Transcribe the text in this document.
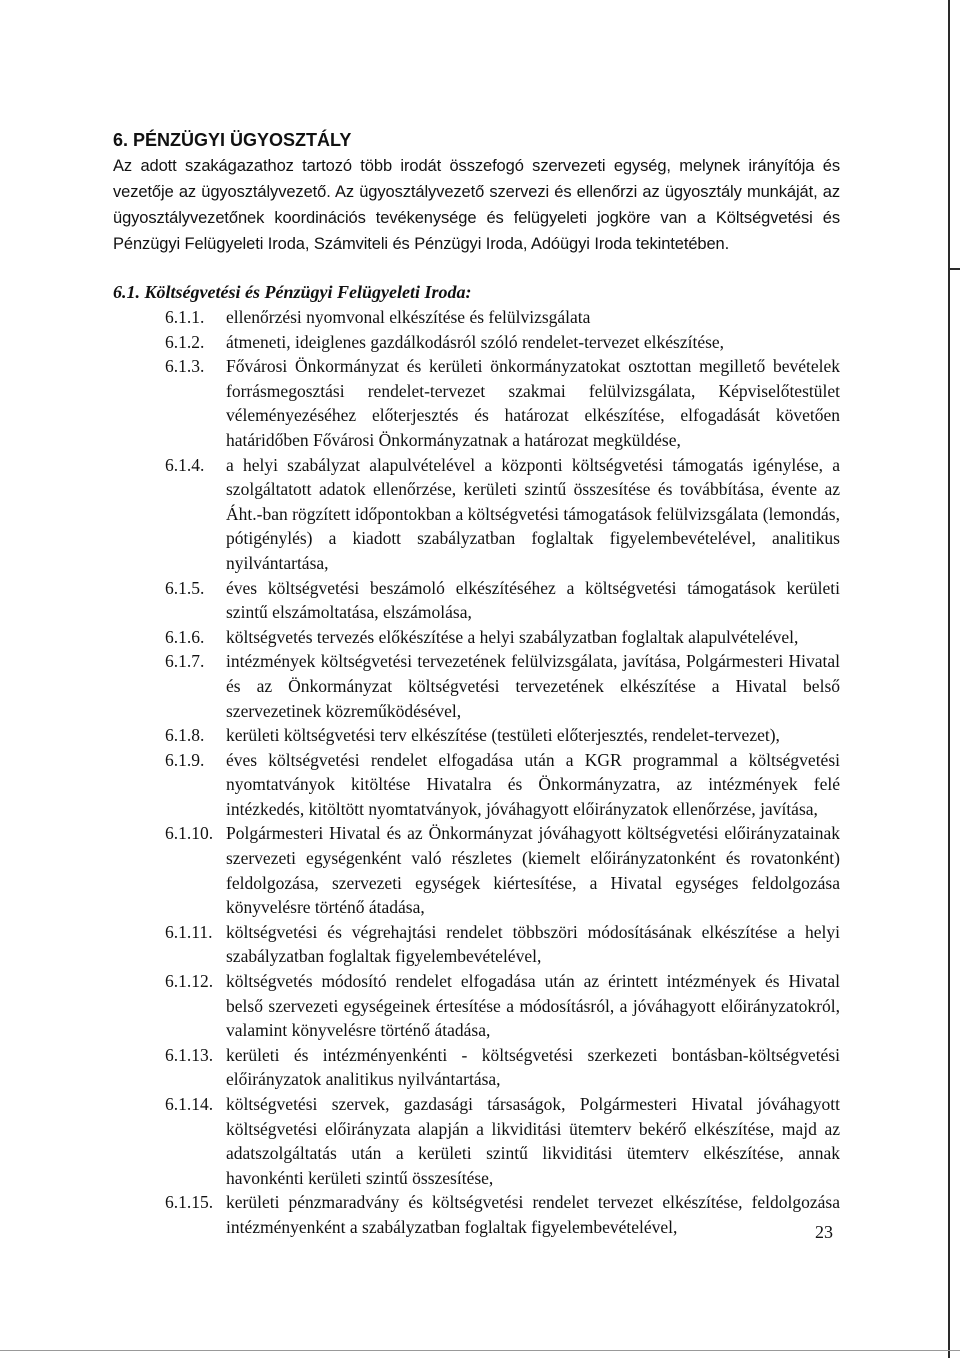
6. PÉNZÜGYI ÜGYOSZTÁLY

Az adott szakágazathoz tartozó több irodát összefogó szervezeti egység, melynek irányítója és vezetője az ügyosztályvezető. Az ügyosztályvezető szervezi és ellenőrzi az ügyosztály munkáját, az ügyosztályvezetőnek koordinációs tevékenysége és felügyeleti jogköre van a Költségvetési és Pénzügyi Felügyeleti Iroda, Számviteli és Pénzügyi Iroda, Adóügyi Iroda tekintetében.

6.1. Költségvetési és Pénzügyi Felügyeleti Iroda:
6.1.1.	ellenőrzési nyomvonal elkészítése és felülvizsgálata
6.1.2.	átmeneti, ideiglenes gazdálkodásról szóló rendelet-tervezet elkészítése,
6.1.3.	Fővárosi Önkormányzat és kerületi önkormányzatokat osztottan megillető bevételek forrásmegosztási rendelet-tervezet szakmai felülvizsgálata, Képviselőtestület véleményezéséhez előterjesztés és határozat elkészítése, elfogadását követően határidőben Fővárosi Önkormányzatnak a határozat megküldése,
6.1.4.	a helyi szabályzat alapulvételével a központi költségvetési támogatás igénylése, a szolgáltatott adatok ellenőrzése, kerületi szintű összesítése és továbbítása, évente az Áht.-ban rögzített időpontokban a költségvetési támogatások felülvizsgálata (lemondás, pótigénylés) a kiadott szabályzatban foglaltak figyelembevételével, analitikus nyilvántartása,
6.1.5.	éves költségvetési beszámoló elkészítéséhez a költségvetési támogatások kerületi szintű elszámoltatása, elszámolása,
6.1.6.	költségvetés tervezés előkészítése a helyi szabályzatban foglaltak alapulvételével,
6.1.7.	intézmények költségvetési tervezetének felülvizsgálata, javítása, Polgármesteri Hivatal és az Önkormányzat költségvetési tervezetének elkészítése a Hivatal belső szervezetinek közreműködésével,
6.1.8.	kerületi költségvetési terv elkészítése (testületi előterjesztés, rendelet-tervezet),
6.1.9.	éves költségvetési rendelet elfogadása után a KGR programmal a költségvetési nyomtatványok kitöltése Hivatalra és Önkormányzatra, az intézmények felé intézkedés, kitöltött nyomtatványok, jóváhagyott előirányzatok ellenőrzése, javítása,
6.1.10. Polgármesteri Hivatal és az Önkormányzat jóváhagyott költségvetési előirányzatainak szervezeti egységenként való részletes (kiemelt előirányzatonként és rovatonként) feldolgozása, szervezeti egységek kiértesítése, a Hivatal egységes feldolgozása könyvelésre történő átadása,
6.1.11. költségvetési és végrehajtási rendelet többszöri módosításának elkészítése a helyi szabályzatban foglaltak figyelembevételével,
6.1.12. költségvetés módosító rendelet elfogadása után az érintett intézmények és Hivatal belső szervezeti egységeinek értesítése a módosításról, a jóváhagyott előirányzatokról, valamint könyvelésre történő átadása,
6.1.13. kerületi és intézményenkénti - költségvetési szerkezeti bontásban-költségvetési előirányzatok analitikus nyilvántartása,
6.1.14. költségvetési szervek, gazdasági társaságok, Polgármesteri Hivatal jóváhagyott költségvetési előirányzata alapján a likviditási ütemterv bekérő elkészítése, majd az adatszolgáltatás után a kerületi szintű likviditási ütemterv elkészítése, annak havonkénti kerületi szintű összesítése,
6.1.15. kerületi pénzmaradvány és költségvetési rendelet tervezet elkészítése, feldolgozása intézményenként a szabályzatban foglaltak figyelembevételével,	23
